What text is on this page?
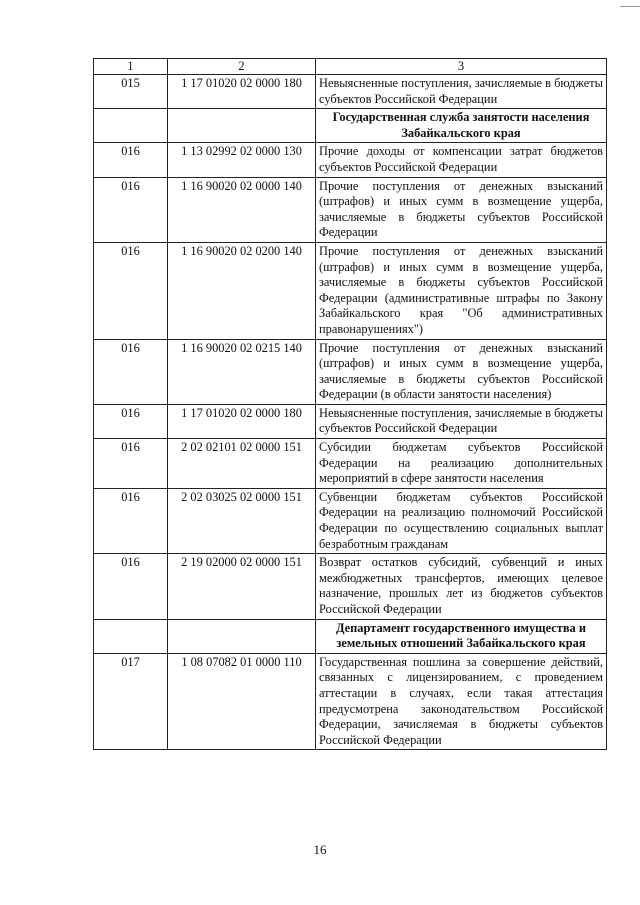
1	2	3
015	1 17 01020 02 0000 180	Невыясненные поступления, зачисляемые в бюджеты субъектов Российской Федерации
		Государственная служба занятости населения Забайкальского края
016	1 13 02992 02 0000 130	Прочие доходы от компенсации затрат бюджетов субъектов Российской Федерации
016	1 16 90020 02 0000 140	Прочие поступления от денежных взысканий (штрафов) и иных сумм в возмещение ущерба, зачисляемые в бюджеты субъектов Российской Федерации
016	1 16 90020 02 0200 140	Прочие поступления от денежных взысканий (штрафов) и иных сумм в возмещение ущерба, зачисляемые в бюджеты субъектов Российской Федерации (административные штрафы по Закону Забайкальского края "Об административных правонарушениях")
016	1 16 90020 02 0215 140	Прочие поступления от денежных взысканий (штрафов) и иных сумм в возмещение ущерба, зачисляемые в бюджеты субъектов Российской Федерации (в области занятости населения)
016	1 17 01020 02 0000 180	Невыясненные поступления, зачисляемые в бюджеты субъектов Российской Федерации
016	2 02 02101 02 0000 151	Субсидии бюджетам субъектов Российской Федерации на реализацию дополнительных мероприятий в сфере занятости населения
016	2 02 03025 02 0000 151	Субвенции бюджетам субъектов Российской Федерации на реализацию полномочий Российской Федерации по осуществлению социальных выплат безработным гражданам
016	2 19 02000 02 0000 151	Возврат остатков субсидий, субвенций и иных межбюджетных трансфертов, имеющих целевое назначение, прошлых лет из бюджетов субъектов Российской Федерации
		Департамент государственного имущества и земельных отношений Забайкальского края
017	1 08 07082 01 0000 110	Государственная пошлина за совершение действий, связанных с лицензированием, с проведением аттестации в случаях, если такая аттестация предусмотрена законодательством Российской Федерации, зачисляемая в бюджеты субъектов Российской Федерации
16
